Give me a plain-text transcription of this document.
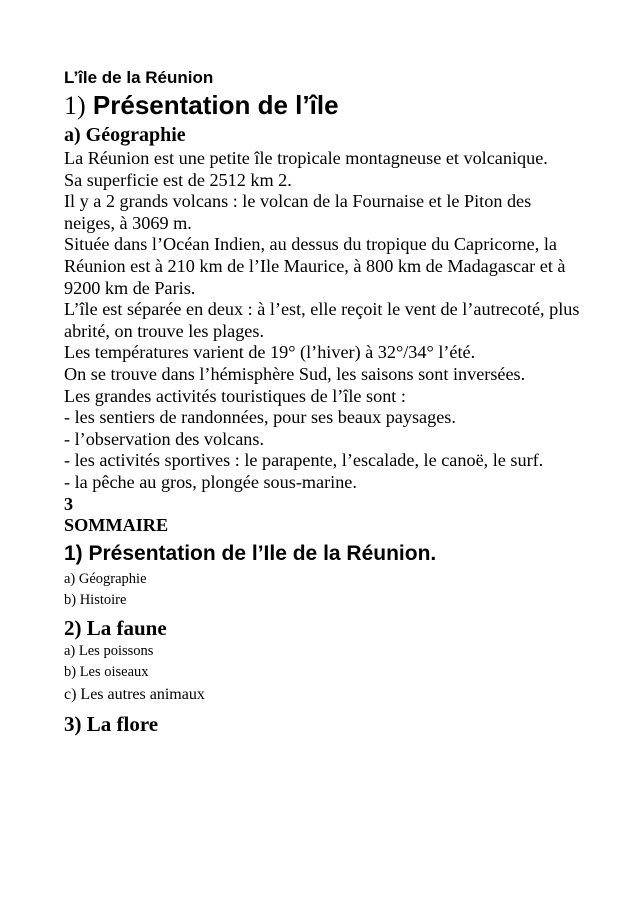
L’île de la Réunion
1) Présentation de l’île
a) Géographie

La Réunion est une petite île tropicale montagneuse et volcanique.

Sa superficie est de 2512 km 2.

Il y a 2 grands volcans : le volcan de la Fournaise et le Piton des neiges, à 3069 m.

Située dans l’Océan Indien, au dessus du tropique du Capricorne, la Réunion est à 210 km de l’Ile Maurice, à 800 km de Madagascar et à 9200 km de Paris.

L’île est séparée en deux : à l’est, elle reçoit le vent de l’autrecoté, plus abrité, on trouve les plages.

Les températures varient de 19° (l’hiver) à 32°/34° l’été.

On se trouve dans l’hémisphère Sud, les saisons sont inversées.

Les grandes activités touristiques de l’île sont :

- les sentiers de randonnées, pour ses beaux paysages.

- l’observation des volcans.

- les activités sportives : le parapente, l’escalade, le canoë, le surf.

- la pêche au gros, plongée sous-marine.

3
SOMMAIRE
1) Présentation de l’Ile de la Réunion.
a) Géographie
b) Histoire
2) La faune
a) Les poissons
b) Les oiseaux
c) Les autres animaux
3) La flore
